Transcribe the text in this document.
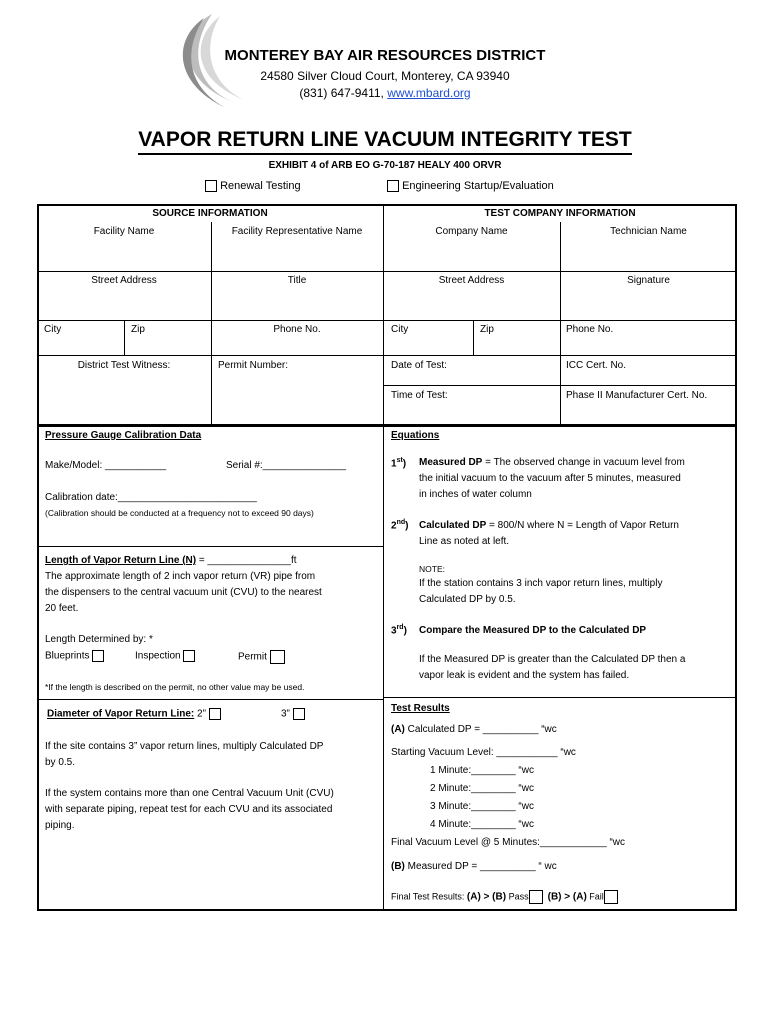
MONTEREY BAY AIR RESOURCES DISTRICT
24580 Silver Cloud Court, Monterey, CA 93940
(831) 647-9411, www.mbard.org
VAPOR RETURN LINE VACUUM INTEGRITY TEST
EXHIBIT 4 of ARB EO G-70-187 HEALY 400 ORVR
Renewal Testing	Engineering Startup/Evaluation
SOURCE INFORMATION
Facility Name	Facility Representative Name
Street Address	Title
City	Zip	Phone No.
District Test Witness:	Permit Number:
TEST COMPANY INFORMATION
Company Name	Technician Name
Street Address	Signature
City	Zip	Phone No.
Date of Test:	ICC Cert. No.
Time of Test:	Phase II Manufacturer Cert. No.
Pressure Gauge Calibration Data
Make/Model: ___________	Serial #:_______________
Calibration date:_________________________
(Calibration should be conducted at a frequency not to exceed 90 days)
Length of Vapor Return Line (N) = _______________ft
The approximate length of 2 inch vapor return (VR) pipe from
the dispensers to the central vacuum unit (CVU) to the nearest
20 feet.
Length Determined by: *
Blueprints	Inspection	Permit
*If the length is described on the permit, no other value may be used.
Diameter of Vapor Return Line: 2”	3”
If the site contains 3” vapor return lines, multiply Calculated DP
by 0.5.
If the system contains more than one Central Vacuum Unit (CVU)
with separate piping, repeat test for each CVU and its associated
piping.
Equations
1st) Measured DP = The observed change in vacuum level from
the initial vacuum to the vacuum after 5 minutes, measured
in inches of water column
2nd) Calculated DP = 800/N where N = Length of Vapor Return
Line as noted at left.
NOTE:
If the station contains 3 inch vapor return lines, multiply
Calculated DP by 0.5.
3rd) Compare the Measured DP to the Calculated DP
If the Measured DP is greater than the Calculated DP then a
vapor leak is evident and the system has failed.
Test Results
(A) Calculated DP = __________ “wc
Starting Vacuum Level: ___________ “wc
1 Minute:________ “wc
2 Minute:________ “wc
3 Minute:________ “wc
4 Minute:________ “wc
Final Vacuum Level @ 5 Minutes:____________ “wc
(B) Measured DP = __________ “ wc
Final Test Results: (A) > (B) Pass (B) > (A) Fail
